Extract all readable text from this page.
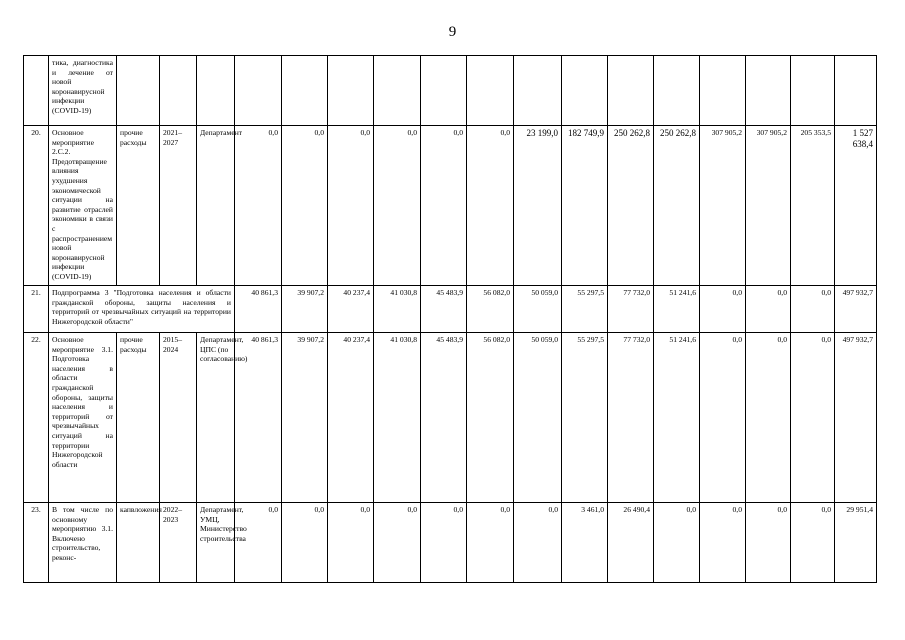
9
	тика, диагностика и лечение от новой коронавирусной инфекции (COVID-19)																	
20.	Основное мероприятие 2.С.2. Предотвращение влияния ухудшения экономической ситуации на развитие отраслей экономики в связи с распространением новой коронавирусной инфекции (COVID-19)	прочие расходы	2021–2027	Департамент	0,0	0,0	0,0	0,0	0,0	0,0	23 199,0	182 749,9	250 262,8	250 262,8	307 905,2	307 905,2	205 353,5	1 527 638,4
21.	Подпрограмма 3 "Подготовка населения и области гражданской обороны, защиты населения и территорий от чрезвычайных ситуаций на территории Нижегородской области"				40 861,3	39 907,2	40 237,4	41 030,8	45 483,9	56 082,0	50 059,0	55 297,5	77 732,0	51 241,6	0,0	0,0	0,0	497 932,7
22.	Основное мероприятие 3.1. Подготовка населения в области гражданской обороны, защиты населения и территорий от чрезвычайных ситуаций на территории Нижегородской области	прочие расходы	2015–2024	Департамент, ЦПС (по согласованию)	40 861,3	39 907,2	40 237,4	41 030,8	45 483,9	56 082,0	50 059,0	55 297,5	77 732,0	51 241,6	0,0	0,0	0,0	497 932,7
23.	В том числе по основному мероприятию 3.1. Включено строительство, реконс-	капвложения	2022–2023	Департамент, УМЦ, Министерство строительства	0,0	0,0	0,0	0,0	0,0	0,0	0,0	3 461,0	26 490,4	0,0	0,0	0,0	0,0	29 951,4
